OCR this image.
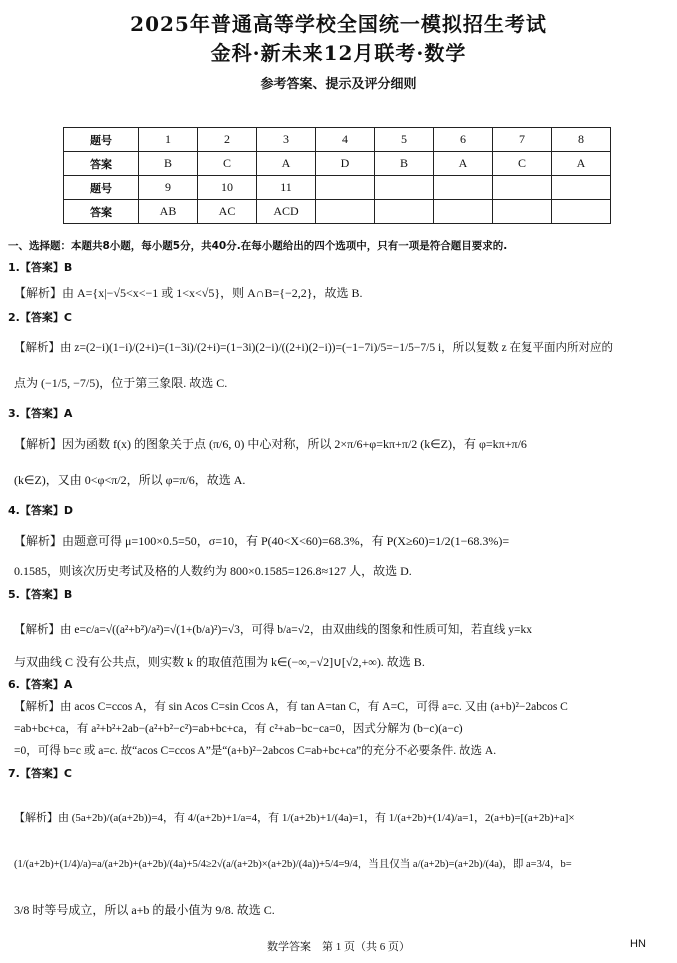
2025年普通高等学校全国统一模拟招生考试
金科·新未来12月联考·数学
参考答案、提示及评分细则
题号	1	2	3	4	5	6	7	8
答案	B	C	A	D	B	A	C	A
题号	9	10	11					
答案	AB	AC	ACD					
一、选择题：本题共8小题，每小题5分，共40分.在每小题给出的四个选项中，只有一项是符合题目要求的.
1.【答案】B
【解析】由 A={x|−√5<x<−1 或 1<x<√5}，则 A∩B={−2,2}，故选 B.
2.【答案】C
【解析】由 z=(2−i)(1−i)/(2+i)=(1−3i)/(2+i)=(1−3i)(2−i)/((2+i)(2−i))=(−1−7i)/5=−1/5−7/5 i，所以复数 z 在复平面内所对应的
点为 (−1/5, −7/5)，位于第三象限. 故选 C.
3.【答案】A
【解析】因为函数 f(x) 的图象关于点 (π/6, 0) 中心对称，所以 2×π/6+φ=kπ+π/2 (k∈Z)，有 φ=kπ+π/6
(k∈Z)，又由 0<φ<π/2，所以 φ=π/6，故选 A.
4.【答案】D
【解析】由题意可得 μ=100×0.5=50，σ=10，有 P(40<X<60)=68.3%，有 P(X≥60)=1/2(1−68.3%)=
0.1585，则该次历史考试及格的人数约为 800×0.1585=126.8≈127 人，故选 D.
5.【答案】B
【解析】由 e=c/a=√((a²+b²)/a²)=√(1+(b/a)²)=√3，可得 b/a=√2，由双曲线的图象和性质可知，若直线 y=kx
与双曲线 C 没有公共点，则实数 k 的取值范围为 k∈(−∞,−√2]∪[√2,+∞). 故选 B.
6.【答案】A
【解析】由 acos C=ccos A，有 sin Acos C=sin Ccos A，有 tan A=tan C，有 A=C，可得 a=c. 又由 (a+b)²−2abcos C
=ab+bc+ca，有 a²+b²+2ab−(a²+b²−c²)=ab+bc+ca，有 c²+ab−bc−ca=0，因式分解为 (b−c)(a−c)
=0，可得 b=c 或 a=c. 故“acos C=ccos A”是“(a+b)²−2abcos C=ab+bc+ca”的充分不必要条件. 故选 A.
7.【答案】C
【解析】由 (5a+2b)/(a(a+2b))=4，有 4/(a+2b)+1/a=4，有 1/(a+2b)+1/(4a)=1，有 1/(a+2b)+(1/4)/a=1，2(a+b)=[(a+2b)+a]×
(1/(a+2b)+(1/4)/a)=a/(a+2b)+(a+2b)/(4a)+5/4≥2√(a/(a+2b)×(a+2b)/(4a))+5/4=9/4，当且仅当 a/(a+2b)=(a+2b)/(4a)，即 a=3/4，b=
3/8 时等号成立，所以 a+b 的最小值为 9/8. 故选 C.
数学答案　第 1 页（共 6 页）	HN
